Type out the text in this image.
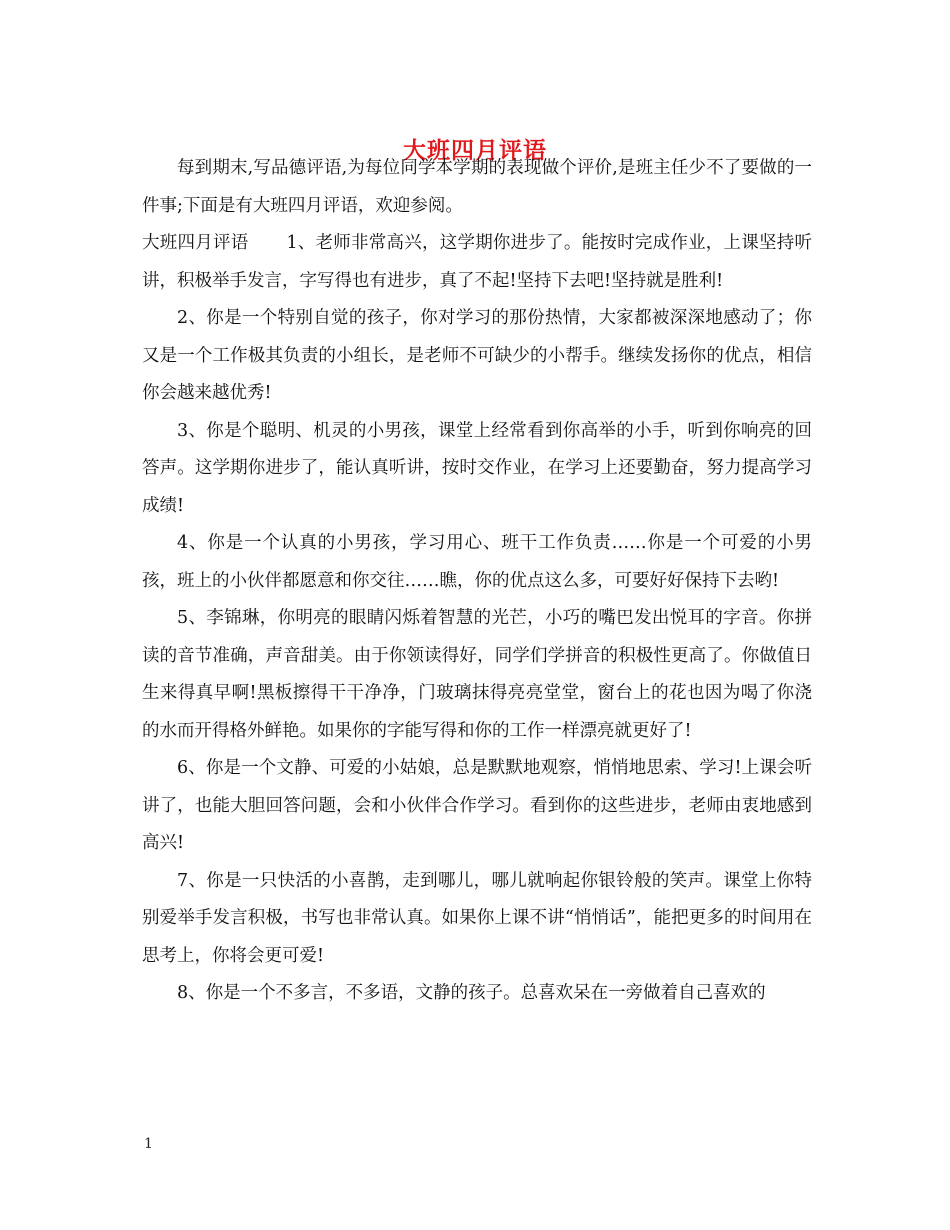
大班四月评语

每到期末,写品德评语,为每位同学本学期的表现做个评价,是班主任少不了要做的一件事;下面是有大班四月评语，欢迎参阅。

大班四月评语 1、老师非常高兴，这学期你进步了。能按时完成作业，上课坚持听讲，积极举手发言，字写得也有进步，真了不起!坚持下去吧!坚持就是胜利!

2、你是一个特别自觉的孩子，你对学习的那份热情，大家都被深深地感动了；你又是一个工作极其负责的小组长，是老师不可缺少的小帮手。继续发扬你的优点，相信你会越来越优秀!

3、你是个聪明、机灵的小男孩，课堂上经常看到你高举的小手，听到你响亮的回答声。这学期你进步了，能认真听讲，按时交作业，在学习上还要勤奋，努力提高学习成绩!

4、你是一个认真的小男孩，学习用心、班干工作负责……你是一个可爱的小男孩，班上的小伙伴都愿意和你交往……瞧，你的优点这么多，可要好好保持下去哟!

5、李锦琳，你明亮的眼睛闪烁着智慧的光芒，小巧的嘴巴发出悦耳的字音。你拼读的音节准确，声音甜美。由于你领读得好，同学们学拼音的积极性更高了。你做值日生来得真早啊!黑板擦得干干净净，门玻璃抹得亮亮堂堂，窗台上的花也因为喝了你浇的水而开得格外鲜艳。如果你的字能写得和你的工作一样漂亮就更好了!

6、你是一个文静、可爱的小姑娘，总是默默地观察，悄悄地思索、学习!上课会听讲了，也能大胆回答问题，会和小伙伴合作学习。看到你的这些进步，老师由衷地感到高兴!

7、你是一只快活的小喜鹊，走到哪儿，哪儿就响起你银铃般的笑声。课堂上你特别爱举手发言积极，书写也非常认真。如果你上课不讲“悄悄话”，能把更多的时间用在思考上，你将会更可爱!

8、你是一个不多言，不多语，文静的孩子。总喜欢呆在一旁做着自己喜欢的

1
